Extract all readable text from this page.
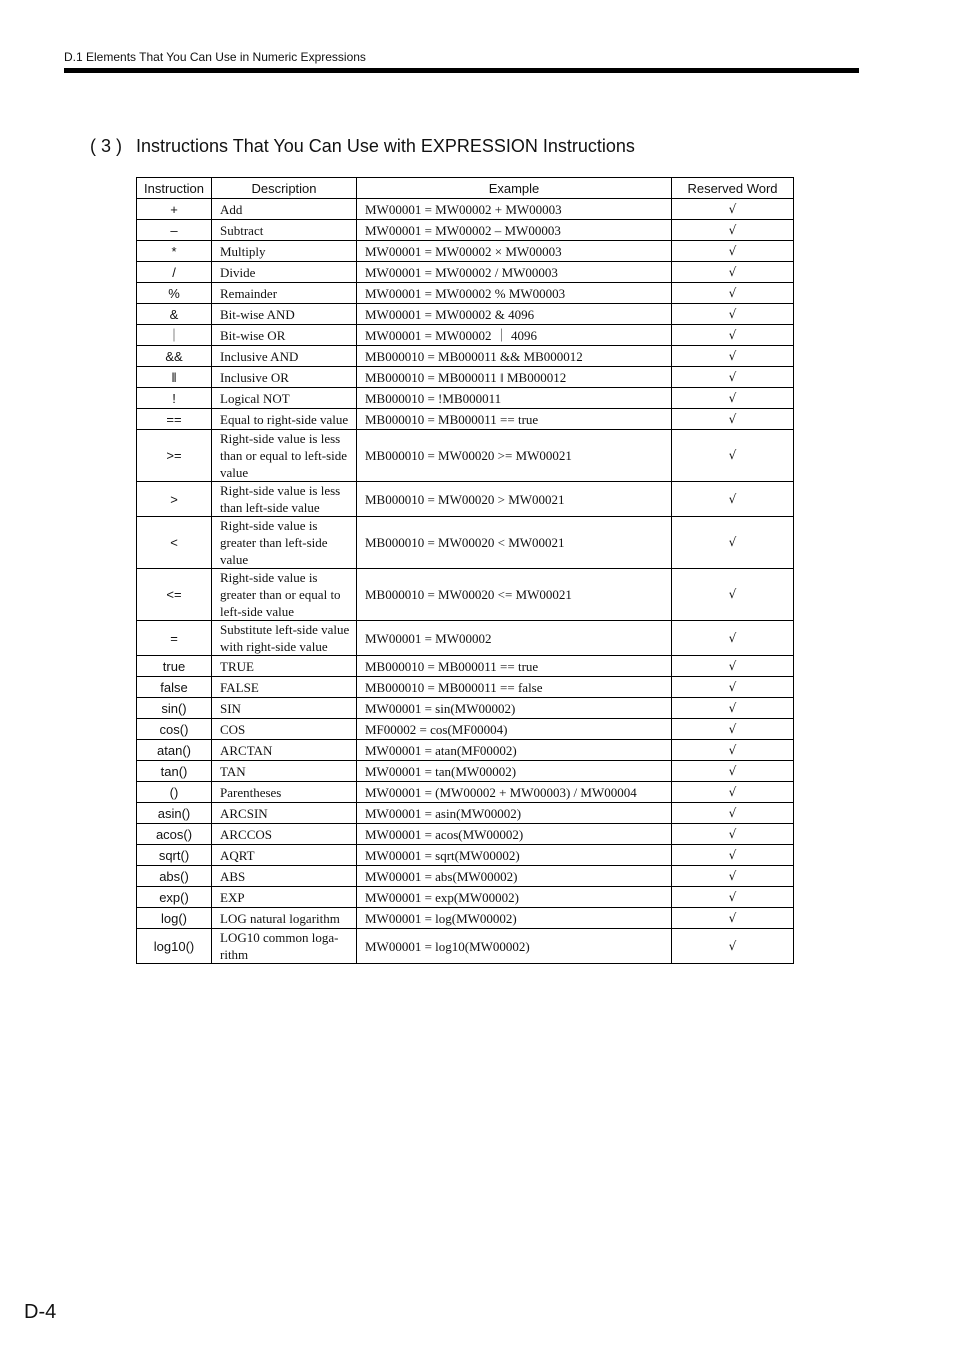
D.1 Elements That You Can Use in Numeric Expressions
( 3 ) Instructions That You Can Use with EXPRESSION Instructions
Instruction	Description	Example	Reserved Word
+	Add	MW00001 = MW00002 + MW00003	√
–	Subtract	MW00001 = MW00002 – MW00003	√
*	Multiply	MW00001 = MW00002 × MW00003	√
/	Divide	MW00001 = MW00002 / MW00003	√
%	Remainder	MW00001 = MW00002 % MW00003	√
&	Bit-wise AND	MW00001 = MW00002 & 4096	√
｜	Bit-wise OR	MW00001 = MW00002 ｜ 4096	√
&&	Inclusive AND	MB000010 = MB000011 && MB000012	√
‖	Inclusive OR	MB000010 = MB000011 ‖ MB000012	√
!	Logical NOT	MB000010 = !MB000011	√
==	Equal to right-side value	MB000010 = MB000011 == true	√
>=	Right-side value is less than or equal to left-side value	MB000010 = MW00020 >= MW00021	√
>	Right-side value is less than left-side value	MB000010 = MW00020 > MW00021	√
<	Right-side value is greater than left-side value	MB000010 = MW00020 < MW00021	√
<=	Right-side value is greater than or equal to left-side value	MB000010 = MW00020 <= MW00021	√
=	Substitute left-side value with right-side value	MW00001 = MW00002	√
true	TRUE	MB000010 = MB000011 == true	√
false	FALSE	MB000010 = MB000011 == false	√
sin()	SIN	MW00001 = sin(MW00002)	√
cos()	COS	MF00002 = cos(MF00004)	√
atan()	ARCTAN	MW00001 = atan(MF00002)	√
tan()	TAN	MW00001 = tan(MW00002)	√
()	Parentheses	MW00001 = (MW00002 + MW00003) / MW00004	√
asin()	ARCSIN	MW00001 = asin(MW00002)	√
acos()	ARCCOS	MW00001 = acos(MW00002)	√
sqrt()	AQRT	MW00001 = sqrt(MW00002)	√
abs()	ABS	MW00001 = abs(MW00002)	√
exp()	EXP	MW00001 = exp(MW00002)	√
log()	LOG natural logarithm	MW00001 = log(MW00002)	√
log10()	LOG10 common loga-rithm	MW00001 = log10(MW00002)	√
D-4
